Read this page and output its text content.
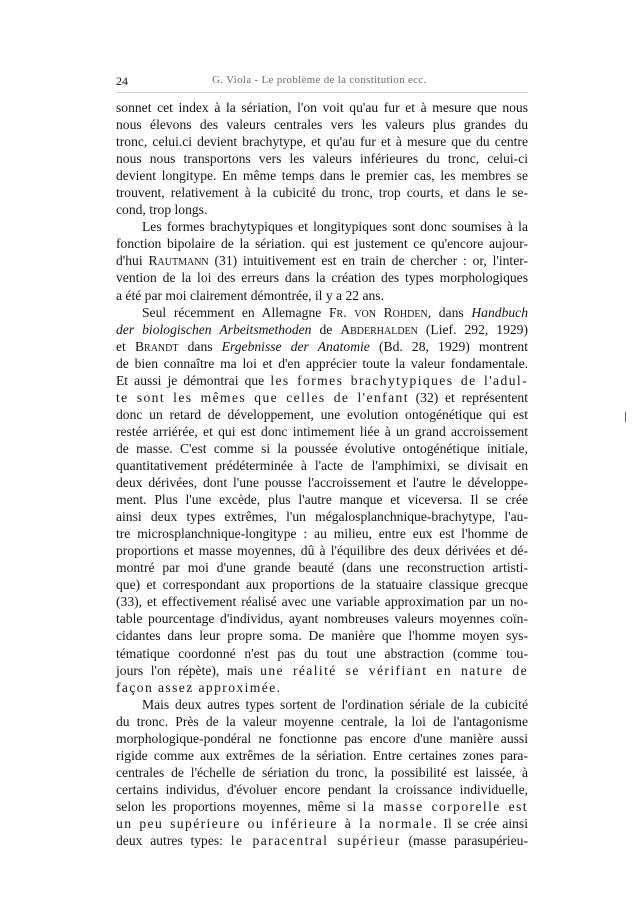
24	G. Viola - Le problème de la constitution ecc.
sonnet cet index à la sériation, l'on voit qu'au fur et à mesure que nous
nous élevons des valeurs centrales vers les valeurs plus grandes du
tronc, celui.ci devient brachytype, et qu'au fur et à mesure que du centre
nous nous transportons vers les valeurs inférieures du tronc, celui-ci
devient longitype. En même temps dans le premier cas, les membres se
trouvent, relativement à la cubicité du tronc, trop courts, et dans le se-
cond, trop longs.
Les formes brachytypiques et longitypiques sont donc soumises à la
fonction bipolaire de la sériation. qui est justement ce qu'encore aujour-
d'hui Rautmann (31) intuitivement est en train de chercher : or, l'inter-
vention de la loi des erreurs dans la création des types morphologiques
a été par moi clairement démontrée, il y a 22 ans.
Seul récemment en Allemagne Fr. von Rohden, dans Handbuch
der biologischen Arbeitsmethoden de Abderhalden (Lief. 292, 1929)
et Brandt dans Ergebnisse der Anatomie (Bd. 28, 1929) montrent
de bien connaître ma loi et d'en apprécier toute la valeur fondamentale.
Et aussi je démontrai que les formes brachytypiques de l'adul-
te sont les mêmes que celles de l'enfant (32) et représentent
donc un retard de développement, une evolution ontogénétique qui est
restée arriérée, et qui est donc intimement liée à un grand accroissement
de masse. C'est comme si la poussée évolutive ontogénétique initiale,
quantitativement prédéterminée à l'acte de l'amphimixi, se divisait en
deux dérivées, dont l'une pousse l'accroissement et l'autre le développe-
ment. Plus l'une excède, plus l'autre manque et viceversa. Il se crée
ainsi deux types extrêmes, l'un mégalosplanchnique-brachytype, l'au-
tre microsplanchnique-longitype : au milieu, entre eux est l'homme de
proportions et masse moyennes, dû à l'équilibre des deux dérivées et dé-
montré par moi d'une grande beauté (dans une reconstruction artisti-
que) et correspondant aux proportions de la statuaire classique grecque
(33), et effectivement réalisé avec une variable approximation par un no-
table pourcentage d'individus, ayant nombreuses valeurs moyennes coïn-
cidantes dans leur propre soma. De manière que l'homme moyen sys-
tématique coordonné n'est pas du tout une abstraction (comme tou-
jours l'on répète), mais une réalité se vérifiant en nature de
façon assez approximée.
Mais deux autres types sortent de l'ordination sériale de la cubicité
du tronc. Près de la valeur moyenne centrale, la loi de l'antagonisme
morphologique-pondéral ne fonctionne pas encore d'une manière aussi
rigide comme aux extrêmes de la sériation. Entre certaines zones para-
centrales de l'échelle de sériation du tronc, la possibilité est laissée, à
certains individus, d'évoluer encore pendant la croissance individuelle,
selon les proportions moyennes, même si la masse corporelle est
un peu supérieure ou inférieure à la normale. Il se crée ainsi
deux autres types: le paracentral supérieur (masse parasupérieu-
